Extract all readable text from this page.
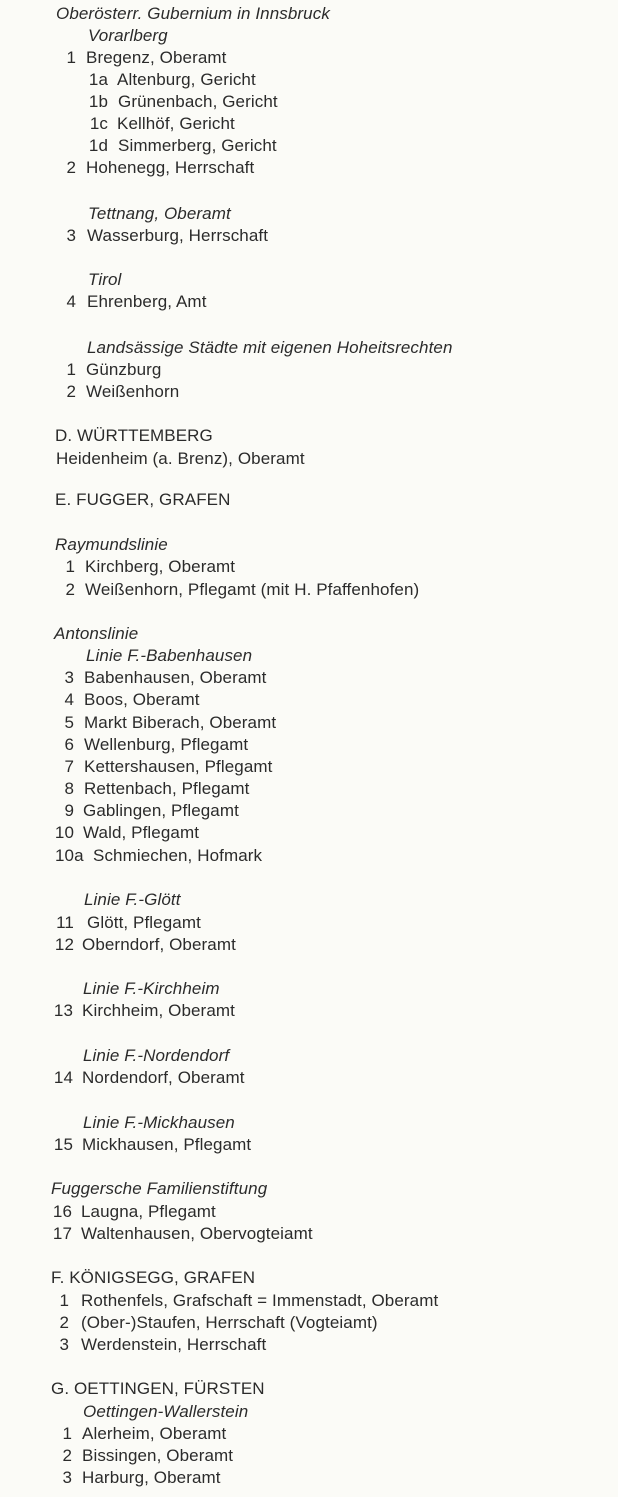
Oberösterr. Gubernium in Innsbruck
Vorarlberg
1 Bregenz, Oberamt
1a Altenburg, Gericht
1b Grünenbach, Gericht
1c Kellhöf, Gericht
1d Simmerberg, Gericht
2 Hohenegg, Herrschaft
Tettnang, Oberamt
3 Wasserburg, Herrschaft
Tirol
4 Ehrenberg, Amt
Landsässige Städte mit eigenen Hoheitsrechten
1 Günzburg
2 Weißenhorn
D. WÜRTTEMBERG
Heidenheim (a. Brenz), Oberamt
E. FUGGER, GRAFEN
Raymundslinie
1 Kirchberg, Oberamt
2 Weißenhorn, Pflegamt (mit H. Pfaffenhofen)
Antonslinie
Linie F.-Babenhausen
3 Babenhausen, Oberamt
4 Boos, Oberamt
5 Markt Biberach, Oberamt
6 Wellenburg, Pflegamt
7 Kettershausen, Pflegamt
8 Rettenbach, Pflegamt
9 Gablingen, Pflegamt
10 Wald, Pflegamt
10a Schmiechen, Hofmark
Linie F.-Glött
11 Glött, Pflegamt
12 Oberndorf, Oberamt
Linie F.-Kirchheim
13 Kirchheim, Oberamt
Linie F.-Nordendorf
14 Nordendorf, Oberamt
Linie F.-Mickhausen
15 Mickhausen, Pflegamt
Fuggersche Familienstiftung
16 Laugna, Pflegamt
17 Waltenhausen, Obervogteiamt
F. KÖNIGSEGG, GRAFEN
1 Rothenfels, Grafschaft = Immenstadt, Oberamt
2 (Ober-)Staufen, Herrschaft (Vogteiamt)
3 Werdenstein, Herrschaft
G. OETTINGEN, FÜRSTEN
Oettingen-Wallerstein
1 Alerheim, Oberamt
2 Bissingen, Oberamt
3 Harburg, Oberamt
